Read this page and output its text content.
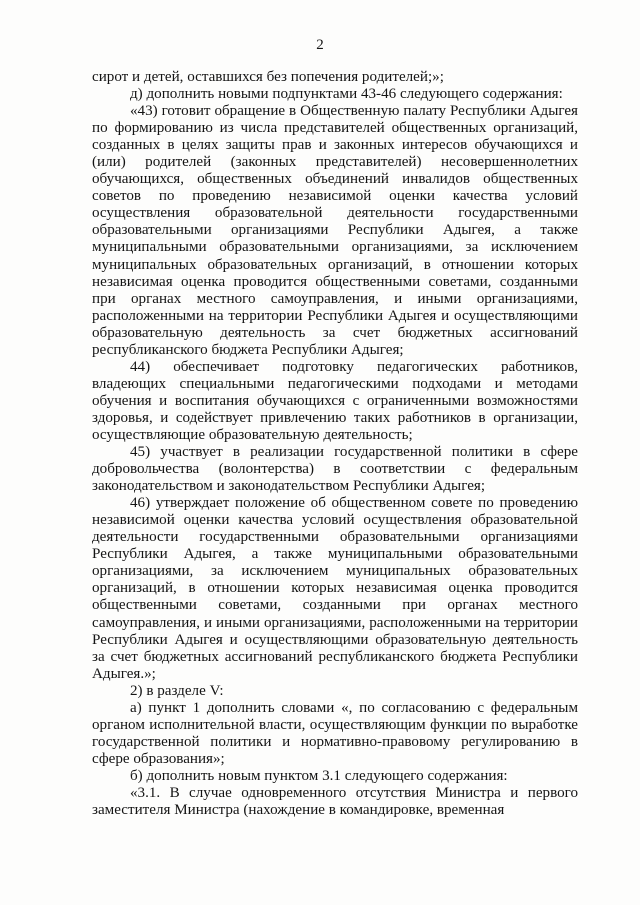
2

сирот и детей, оставшихся без попечения родителей;»;

д) дополнить новыми подпунктами 43-46 следующего содержания:

«43) готовит обращение в Общественную палату Республики Адыгея по формированию из числа представителей общественных организаций, созданных в целях защиты прав и законных интересов обучающихся и (или) родителей (законных представителей) несовершеннолетних обучающихся, общественных объединений инвалидов общественных советов по проведению независимой оценки качества условий осуществления образовательной деятельности государственными образовательными организациями Республики Адыгея, а также муниципальными образовательными организациями, за исключением муниципальных образовательных организаций, в отношении которых независимая оценка проводится общественными советами, созданными при органах местного самоуправления, и иными организациями, расположенными на территории Республики Адыгея и осуществляющими образовательную деятельность за счет бюджетных ассигнований республиканского бюджета Республики Адыгея;

44) обеспечивает подготовку педагогических работников, владеющих специальными педагогическими подходами и методами обучения и воспитания обучающихся с ограниченными возможностями здоровья, и содействует привлечению таких работников в организации, осуществляющие образовательную деятельность;

45) участвует в реализации государственной политики в сфере добровольчества (волонтерства) в соответствии с федеральным законодательством и законодательством Республики Адыгея;

46) утверждает положение об общественном совете по проведению независимой оценки качества условий осуществления образовательной деятельности государственными образовательными организациями Республики Адыгея, а также муниципальными образовательными организациями, за исключением муниципальных образовательных организаций, в отношении которых независимая оценка проводится общественными советами, созданными при органах местного самоуправления, и иными организациями, расположенными на территории Республики Адыгея и осуществляющими образовательную деятельность за счет бюджетных ассигнований республиканского бюджета Республики Адыгея.»;

2) в разделе V:

а) пункт 1 дополнить словами «, по согласованию с федеральным органом исполнительной власти, осуществляющим функции по выработке государственной политики и нормативно-правовому регулированию в сфере образования»;

б) дополнить новым пунктом 3.1 следующего содержания:

«3.1. В случае одновременного отсутствия Министра и первого заместителя Министра (нахождение в командировке, временная
